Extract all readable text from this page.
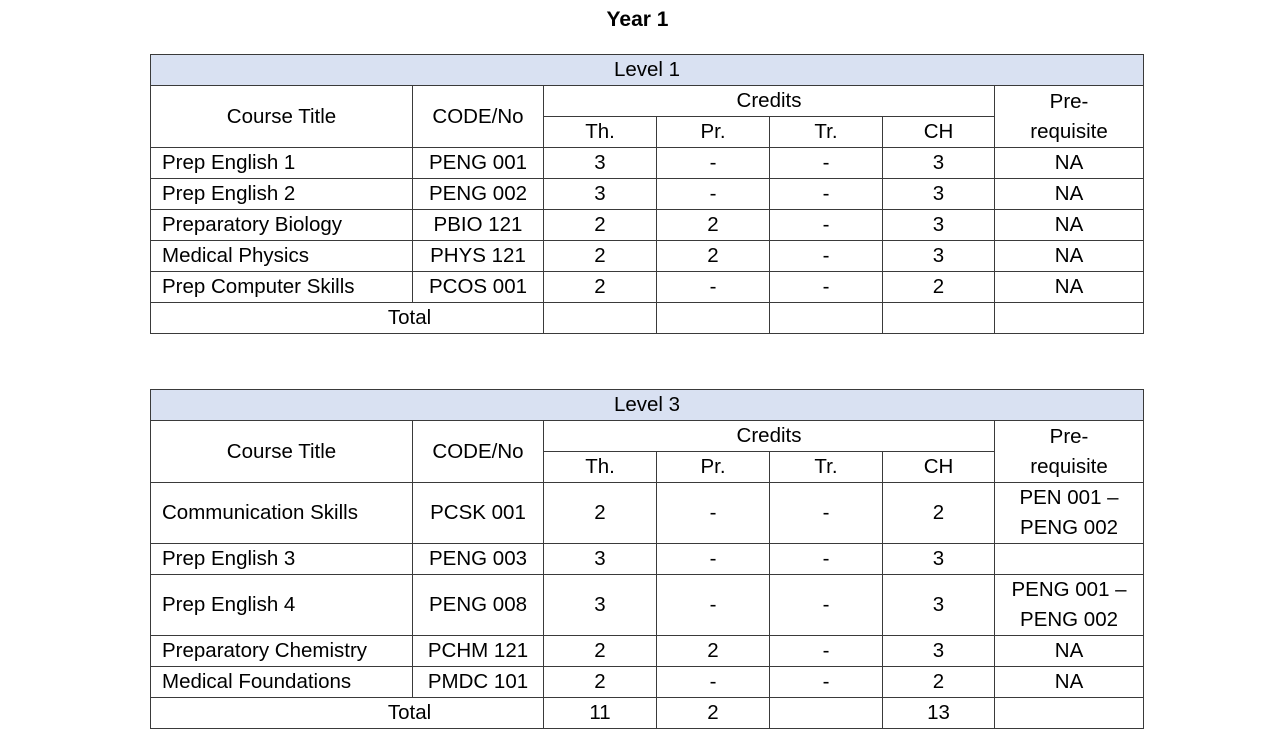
Year 1
Level 1						
Course Title	CODE/No	Credits				Pre-
requisite
		Th.	Pr.	Tr.	CH	
Prep English 1	PENG 001	3	-	-	3	NA
Prep English 2	PENG 002	3	-	-	3	NA
Preparatory Biology	PBIO 121	2	2	-	3	NA
Medical Physics	PHYS 121	2	2	-	3	NA
Prep Computer Skills	PCOS 001	2	-	-	2	NA
Total						
Level 3						
Course Title	CODE/No	Credits				Pre-
requisite
		Th.	Pr.	Tr.	CH	
Communication Skills	PCSK 001	2	-	-	2	PEN 001 –
PENG 002
Prep English 3	PENG 003	3	-	-	3	
Prep English 4	PENG 008	3	-	-	3	PENG 001 –
PENG 002
Preparatory Chemistry	PCHM 121	2	2	-	3	NA
Medical Foundations	PMDC 101	2	-	-	2	NA
Total		11	2		13	
